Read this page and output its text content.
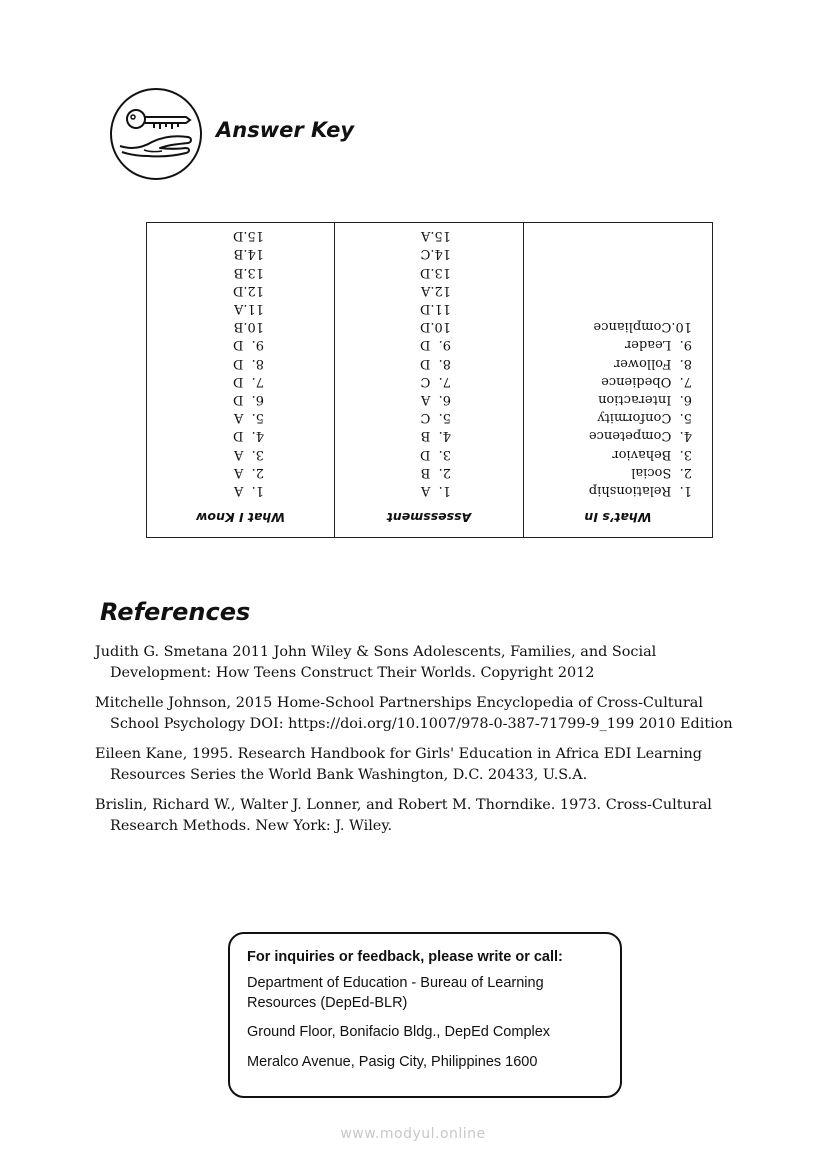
Answer Key
What’s In
1.  Relationship
2.  Social
3.  Behavior
4.  Competence
5.  Conformity
6.  Interaction
7.  Obedience
8.  Follower
9.  Leader
10.Compliance
Assessment
1.  A
2.  B
3.  D
4.  B
5.  C
6.  A
7.  C
8.  D
9.  D
10.D
11.D
12.A
13.D
14.C
15.A
What I Know
1.  A
2.  A
3.  A
4.  D
5.  A
6.  D
7.  D
8.  D
9.  D
10.B
11.A
12.D
13.B
14.B
15.D
References

Judith G. Smetana 2011 John Wiley & Sons Adolescents, Families, and Social Development: How Teens Construct Their Worlds. Copyright 2012

Mitchelle Johnson, 2015 Home-School Partnerships Encyclopedia of Cross-Cultural School Psychology DOI: https://doi.org/10.1007/978-0-387-71799-9_199 2010 Edition

Eileen Kane, 1995. Research Handbook for Girls' Education in Africa EDI Learning Resources Series the World Bank Washington, D.C. 20433, U.S.A.

Brislin, Richard W., Walter J. Lonner, and Robert M. Thorndike. 1973. Cross-Cultural Research Methods. New York: J. Wiley.

For inquiries or feedback, please write or call:
Department of Education - Bureau of Learning Resources (DepEd-BLR)
Ground Floor, Bonifacio Bldg., DepEd Complex
Meralco Avenue, Pasig City, Philippines 1600
www.modyul.online
